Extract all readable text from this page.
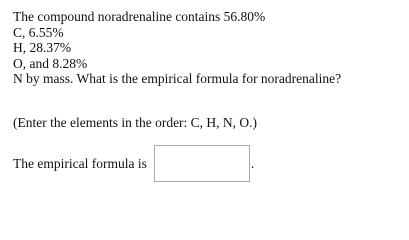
The compound noradrenaline contains 56.80%
C, 6.55%
H, 28.37%
O, and 8.28%
N by mass. What is the empirical formula for noradrenaline?
(Enter the elements in the order: C, H, N, O.)
The empirical formula is	.
